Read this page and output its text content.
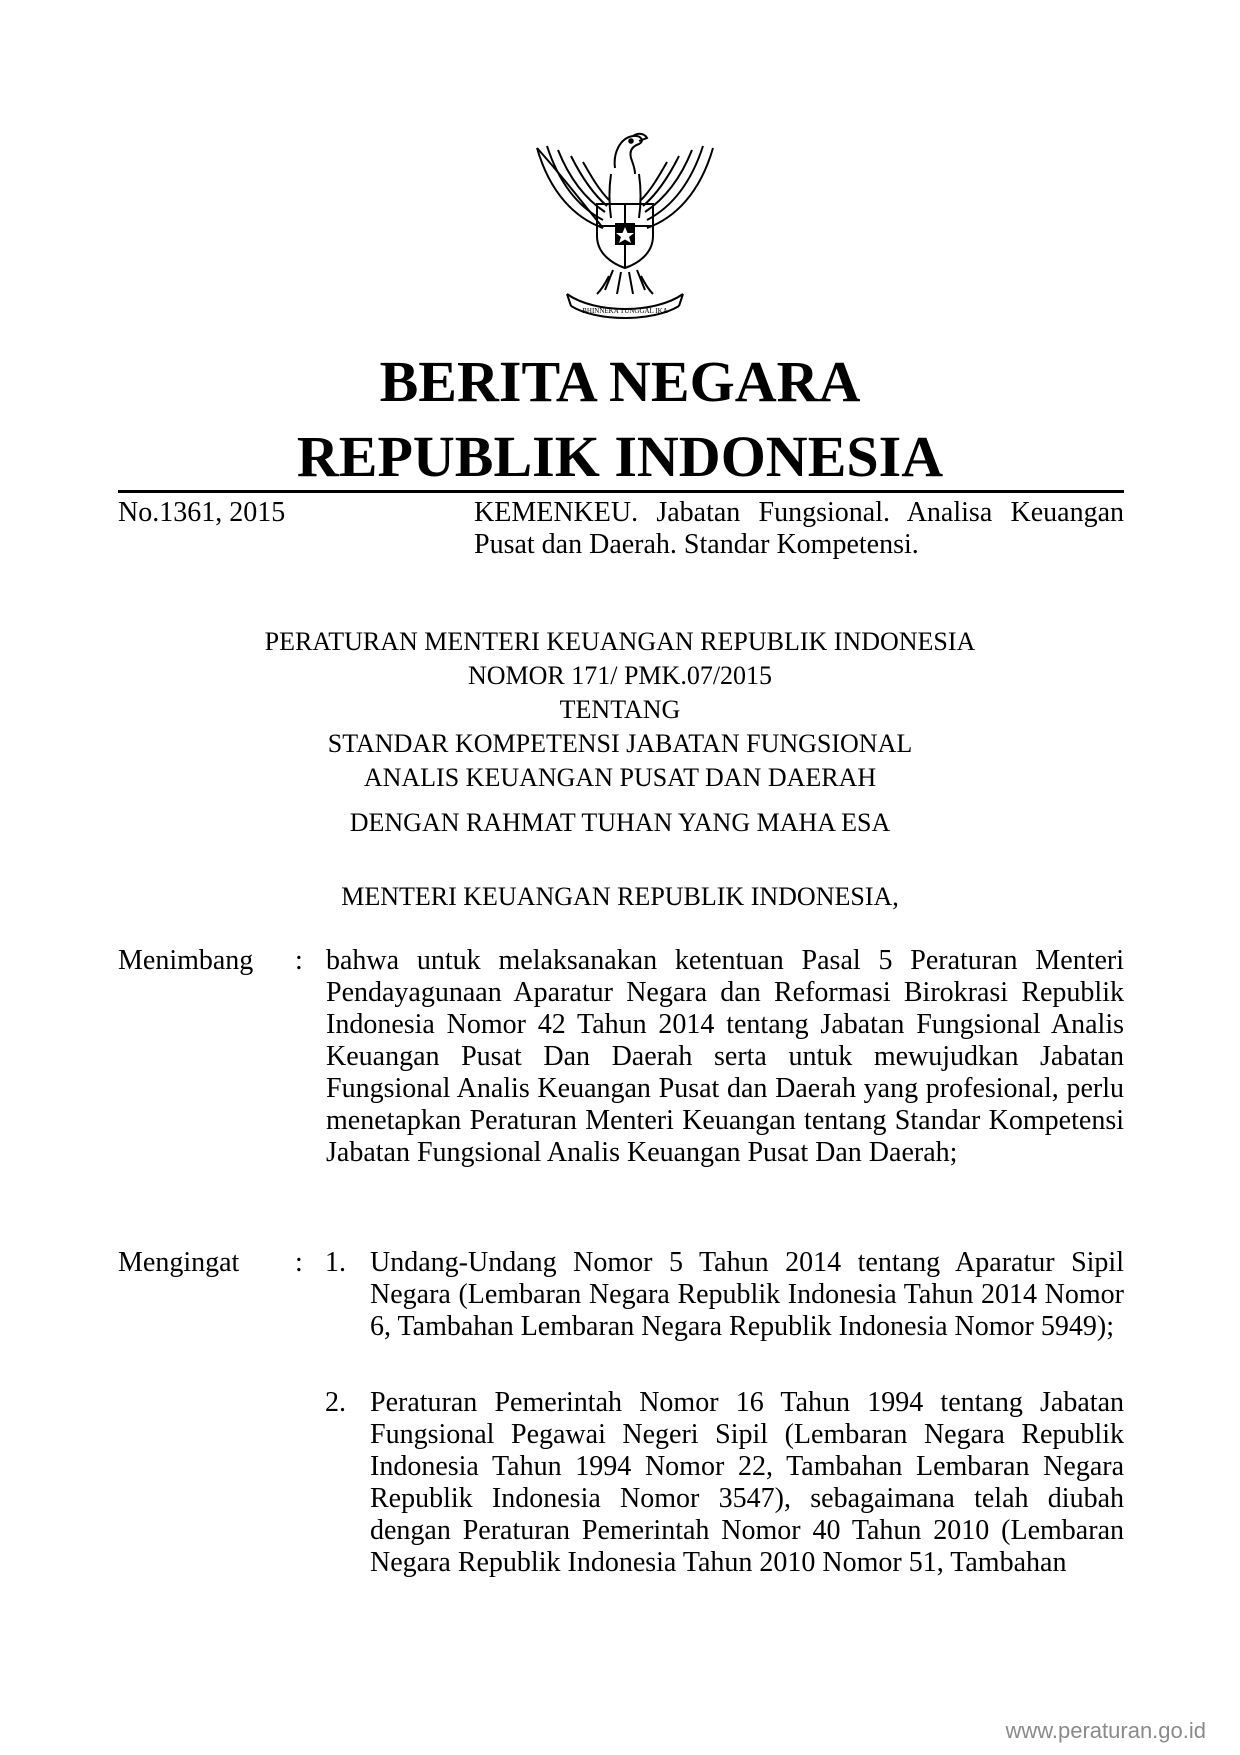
BHINNEKA TUNGGAL IKA
BERITA NEGARA
REPUBLIK INDONESIA
No.1361, 2015	KEMENKEU. Jabatan Fungsional. Analisa Keuangan Pusat dan Daerah. Standar Kompetensi.
PERATURAN MENTERI KEUANGAN REPUBLIK INDONESIA
NOMOR 171/ PMK.07/2015
TENTANG
STANDAR KOMPETENSI JABATAN FUNGSIONAL
ANALIS KEUANGAN PUSAT DAN DAERAH
DENGAN RAHMAT TUHAN YANG MAHA ESA
MENTERI KEUANGAN REPUBLIK INDONESIA,
Menimbang : bahwa untuk melaksanakan ketentuan Pasal 5 Peraturan Menteri Pendayagunaan Aparatur Negara dan Reformasi Birokrasi Republik Indonesia Nomor 42 Tahun 2014 tentang Jabatan Fungsional Analis Keuangan Pusat Dan Daerah serta untuk mewujudkan Jabatan Fungsional Analis Keuangan Pusat dan Daerah yang profesional, perlu menetapkan Peraturan Menteri Keuangan tentang Standar Kompetensi Jabatan Fungsional Analis Keuangan Pusat Dan Daerah;
Mengingat : 1. Undang-Undang Nomor 5 Tahun 2014 tentang Aparatur Sipil Negara (Lembaran Negara Republik Indonesia Tahun 2014 Nomor 6, Tambahan Lembaran Negara Republik Indonesia Nomor 5949);
2. Peraturan Pemerintah Nomor 16 Tahun 1994 tentang Jabatan Fungsional Pegawai Negeri Sipil (Lembaran Negara Republik Indonesia Tahun 1994 Nomor 22, Tambahan Lembaran Negara Republik Indonesia Nomor 3547), sebagaimana telah diubah dengan Peraturan Pemerintah Nomor 40 Tahun 2010 (Lembaran Negara Republik Indonesia Tahun 2010 Nomor 51, Tambahan
www.peraturan.go.id
